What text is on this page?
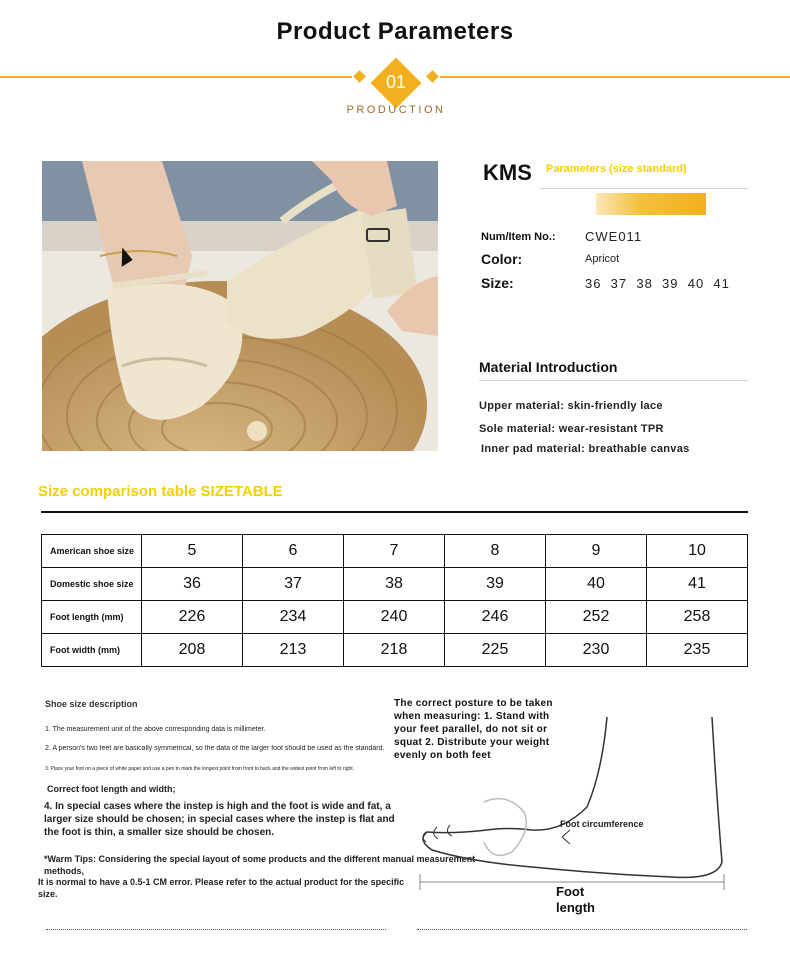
Product Parameters
01
PRODUCTION
KMS Parameters (size standard)
Num/Item No.: CWE011
Color:	Apricot
Size:	36  37  38  39  40  41
Material Introduction
Upper material: skin-friendly lace
Sole material: wear-resistant TPR
Inner pad material: breathable canvas
Size comparison table SIZETABLE
American shoe size	5	6	7	8	9	10
Domestic shoe size	36	37	38	39	40	41
Foot length (mm)	226	234	240	246	252	258
Foot width (mm)	208	213	218	225	230	235
Shoe size description
1. The measurement unit of the above corresponding data is millimeter.
2. A person's two feet are basically symmetrical, so the data of the larger foot should be used as the standard.
3. Place your foot on a piece of white paper and use a pen to mark the longest point from front to back and the widest point from left to right.
Correct foot length and width;
4. In special cases where the instep is high and the foot is wide and fat, a larger size should be chosen; in special cases where the instep is flat and the foot is thin, a smaller size should be chosen.
*Warm Tips: Considering the special layout of some products and the different manual measurement methods,
It is normal to have a 0.5-1 CM error. Please refer to the actual product for the specific size.
The correct posture to be taken when measuring: 1. Stand with your feet parallel, do not sit or squat 2. Distribute your weight evenly on both feet
Foot circumference
Foot length
